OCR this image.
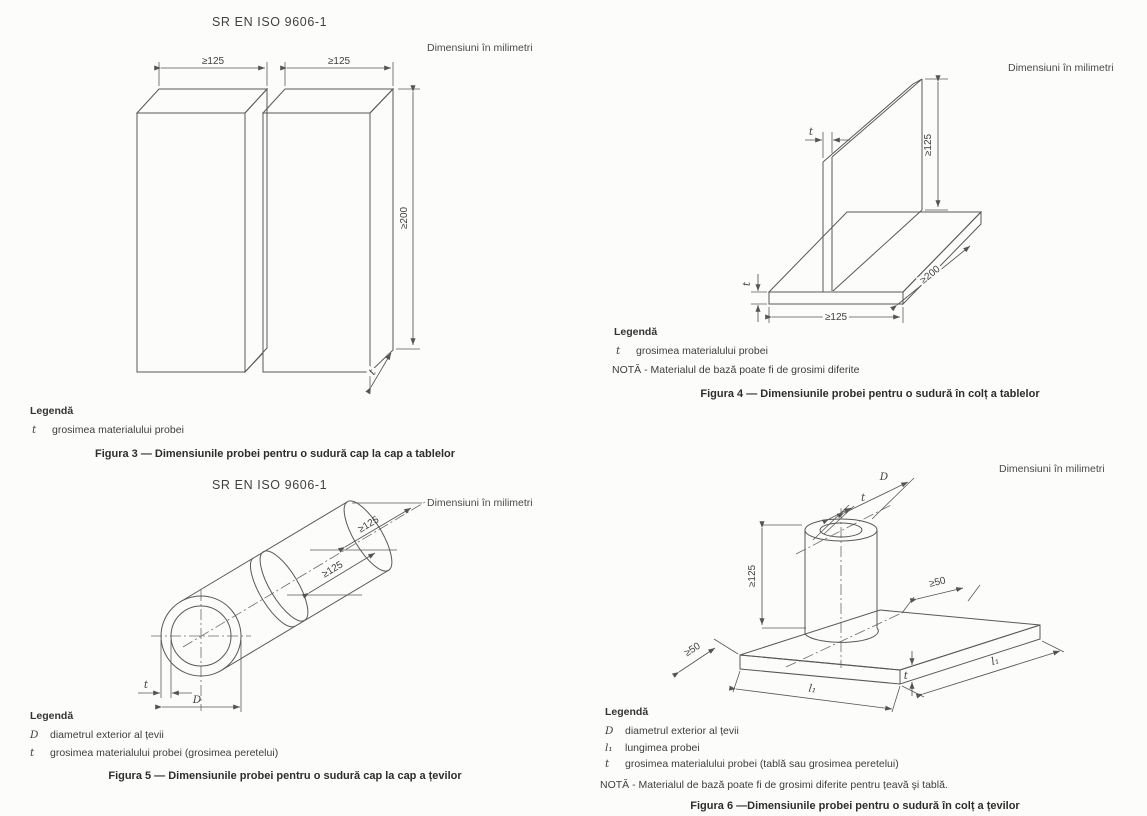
SR EN ISO 9606-1
Dimensiuni în milimetri
Dimensiuni în milimetri
SR EN ISO 9606-1
Dimensiuni în milimetri
Dimensiuni în milimetri
≥125	≥125
≥200
t
Legendă
t	grosimea materialului probei
Figura 3 — Dimensiunile probei pentru o sudură cap la cap a tablelor
t
≥125
≥200
t
≥125
Legendă
t	grosimea materialului probei
NOTĂ - Materialul de bază poate fi de grosimi diferite
Figura 4 — Dimensiunile probei pentru o sudură în colț a tablelor
t
D
≥125
≥125
Legendă
D	diametrul exterior al țevii
t	grosimea materialului probei (grosimea peretelui)
Figura 5 — Dimensiunile probei pentru o sudură cap la cap a țevilor
≥125
D
t
≥50
≥50
l₁
l₁
t
Legendă
D	diametrul exterior al țevii
l₁	lungimea probei
t	grosimea materialului probei (tablă sau grosimea peretelui)
NOTĂ - Materialul de bază poate fi de grosimi diferite pentru țeavă şi tablă.
Figura 6 —Dimensiunile probei pentru o sudură în colț a țevilor
